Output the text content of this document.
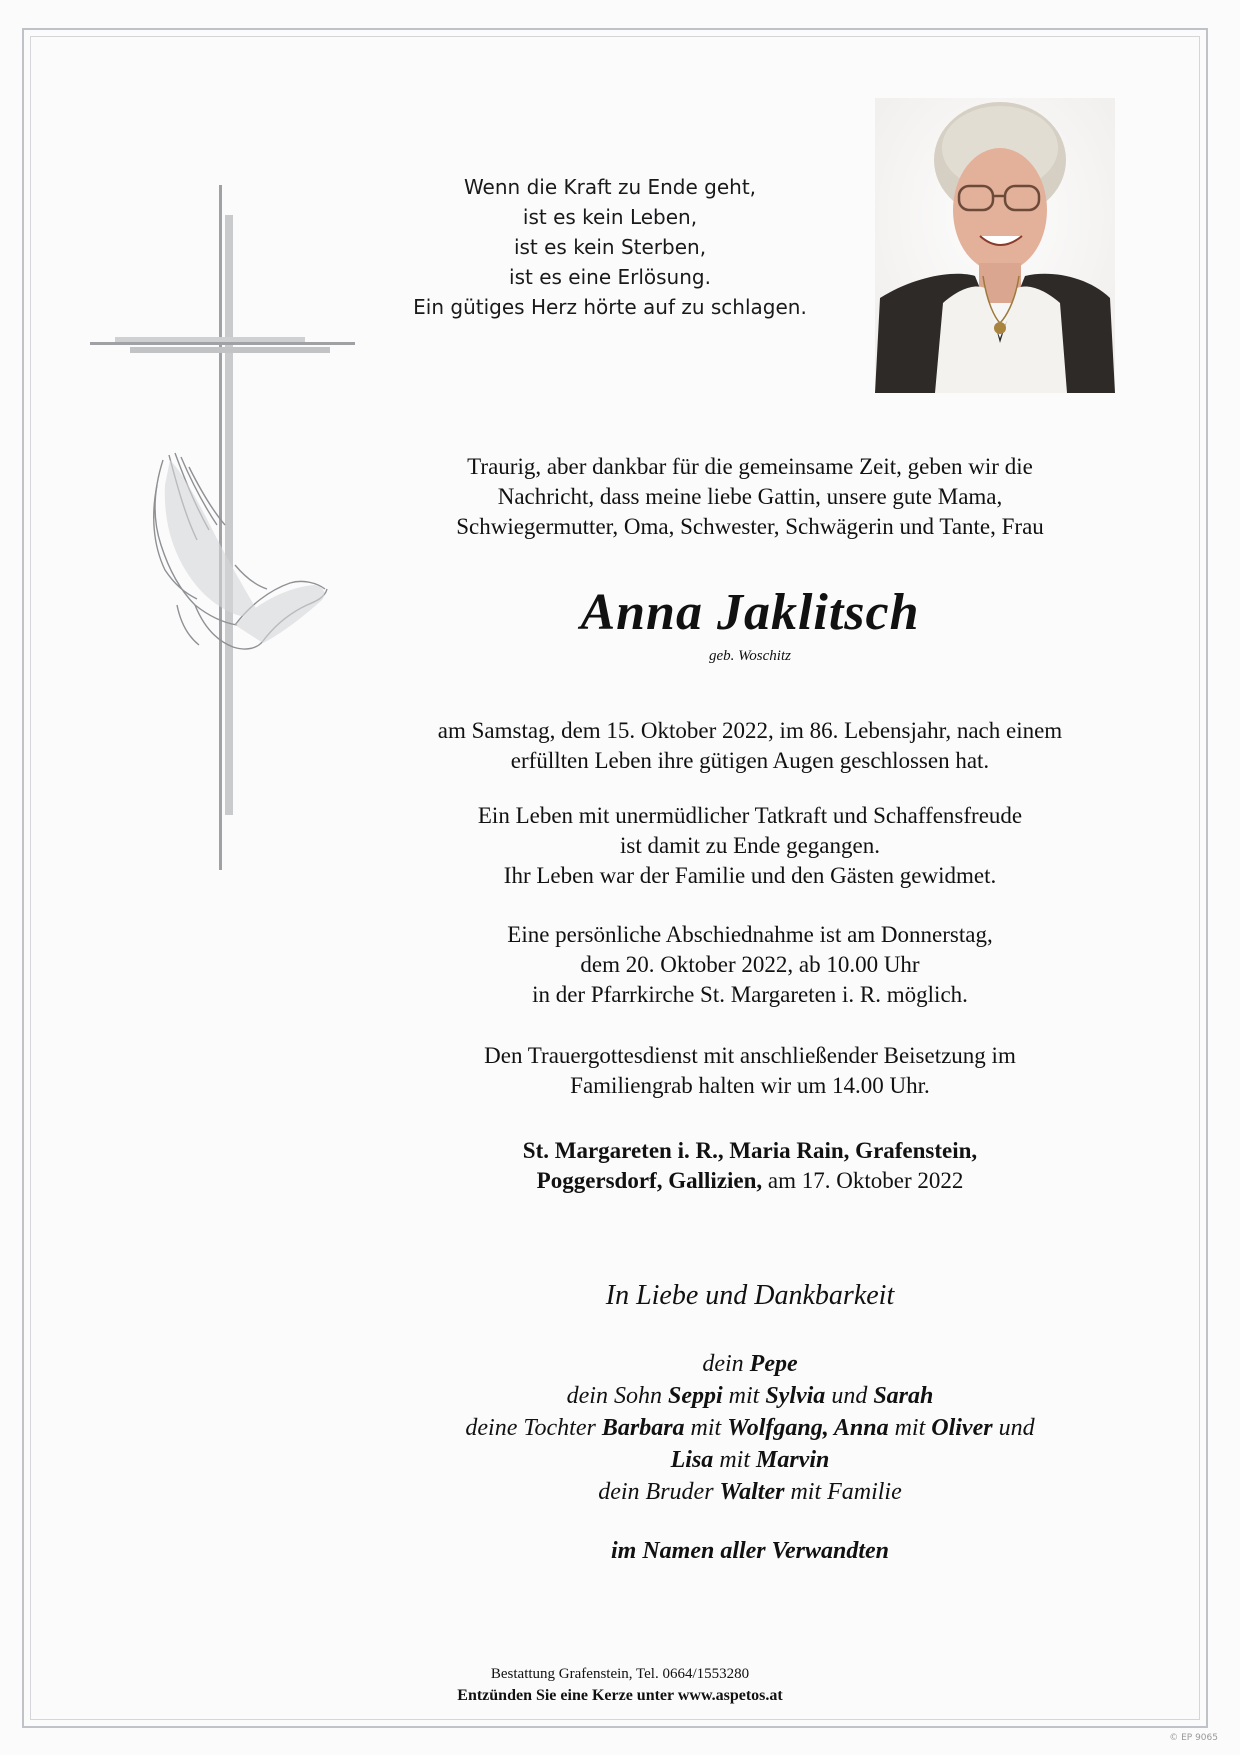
Wenn die Kraft zu Ende geht,
ist es kein Leben,
ist es kein Sterben,
ist es eine Erlösung.
Ein gütiges Herz hörte auf zu schlagen.
Traurig, aber dankbar für die gemeinsame Zeit, geben wir die
Nachricht, dass meine liebe Gattin, unsere gute Mama,
Schwiegermutter, Oma, Schwester, Schwägerin und Tante, Frau
Anna Jaklitsch
geb. Woschitz
am Samstag, dem 15. Oktober 2022, im 86. Lebensjahr, nach einem
erfüllten Leben ihre gütigen Augen geschlossen hat.
Ein Leben mit unermüdlicher Tatkraft und Schaffensfreude
ist damit zu Ende gegangen.
Ihr Leben war der Familie und den Gästen gewidmet.
Eine persönliche Abschiednahme ist am Donnerstag,
dem 20. Oktober 2022, ab 10.00 Uhr
in der Pfarrkirche St. Margareten i. R. möglich.
Den Trauergottesdienst mit anschließender Beisetzung im
Familiengrab halten wir um 14.00 Uhr.
St. Margareten i. R., Maria Rain, Grafenstein,
Poggersdorf, Gallizien, am 17. Oktober 2022
In Liebe und Dankbarkeit
dein Pepe
dein Sohn Seppi mit Sylvia und Sarah
deine Tochter Barbara mit Wolfgang, Anna mit Oliver und
Lisa mit Marvin
dein Bruder Walter mit Familie
im Namen aller Verwandten
Bestattung Grafenstein, Tel. 0664/1553280
Entzünden Sie eine Kerze unter www.aspetos.at
© EP 9065
